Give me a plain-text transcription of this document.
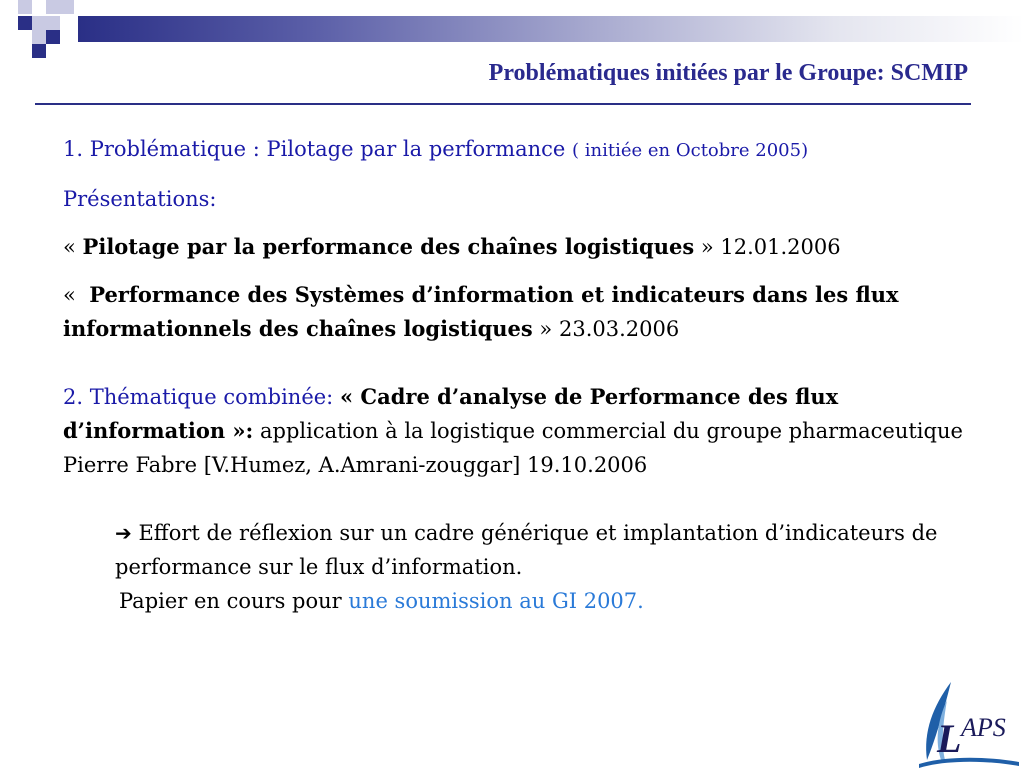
Problématiques initiées par le Groupe: SCMIP

1. Problématique : Pilotage par la performance ( initiée en Octobre 2005)

Présentations:

« Pilotage par la performance des chaînes logistiques » 12.01.2006

« Performance des Systèmes d’information et indicateurs dans les flux informationnels des chaînes logistiques » 23.03.2006

2. Thématique combinée: « Cadre d’analyse de Performance des flux d’information »: application à la logistique commercial du groupe pharmaceutique Pierre Fabre [V.Humez, A.Amrani-zouggar] 19.10.2006

➔ Effort de réflexion sur un cadre générique et implantation d’indicateurs de performance sur le flux d’information.

Papier en cours pour une soumission au GI 2007.

L APS
